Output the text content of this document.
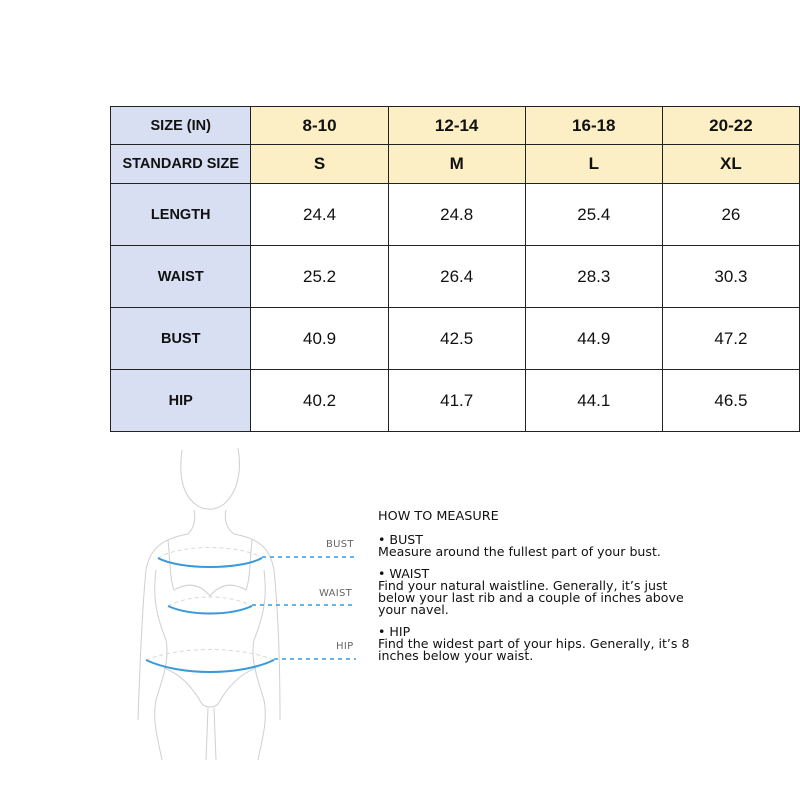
SIZE (IN)	8-10	12-14	16-18	20-22
STANDARD SIZE	S	M	L	XL
LENGTH	24.4	24.8	25.4	26
WAIST	25.2	26.4	28.3	30.3
BUST	40.9	42.5	44.9	47.2
HIP	40.2	41.7	44.1	46.5
BUST
WAIST
HIP
HOW TO MEASURE
• BUST
Measure around the fullest part of your bust.
• WAIST
Find your natural waistline. Generally, it’s just below your last rib and a couple of inches above your navel.
• HIP
Find the widest part of your hips. Generally, it’s 8 inches below your waist.
